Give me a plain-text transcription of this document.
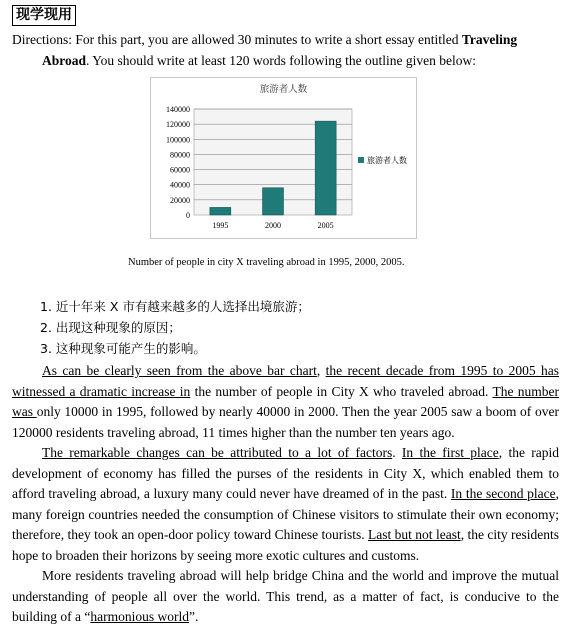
现学现用
Directions: For this part, you are allowed 30 minutes to write a short essay entitled Traveling
Abroad. You should write at least 120 words following the outline given below:
旅游者人数
0
20000
40000
60000
80000
100000
120000
140000
1995	2000	2005
旅游者人数
Number of people in city X traveling abroad in 1995, 2000, 2005.
1. 近十年来 X 市有越来越多的人选择出境旅游；
2. 出现这种现象的原因；
3. 这种现象可能产生的影响。

As can be clearly seen from the above bar chart, the recent decade from 1995 to 2005 has witnessed a dramatic increase in the number of people in City X who traveled abroad. The number was only 10000 in 1995, followed by nearly 40000 in 2000. Then the year 2005 saw a boom of over 120000 residents traveling abroad, 11 times higher than the number ten years ago.

The remarkable changes can be attributed to a lot of factors. In the first place, the rapid development of economy has filled the purses of the residents in City X, which enabled them to afford traveling abroad, a luxury many could never have dreamed of in the past. In the second place, many foreign countries needed the consumption of Chinese visitors to stimulate their own economy; therefore, they took an open-door policy toward Chinese tourists. Last but not least, the city residents hope to broaden their horizons by seeing more exotic cultures and customs.

More residents traveling abroad will help bridge China and the world and improve the mutual understanding of people all over the world. This trend, as a matter of fact, is conducive to the building of a “harmonious world”.
